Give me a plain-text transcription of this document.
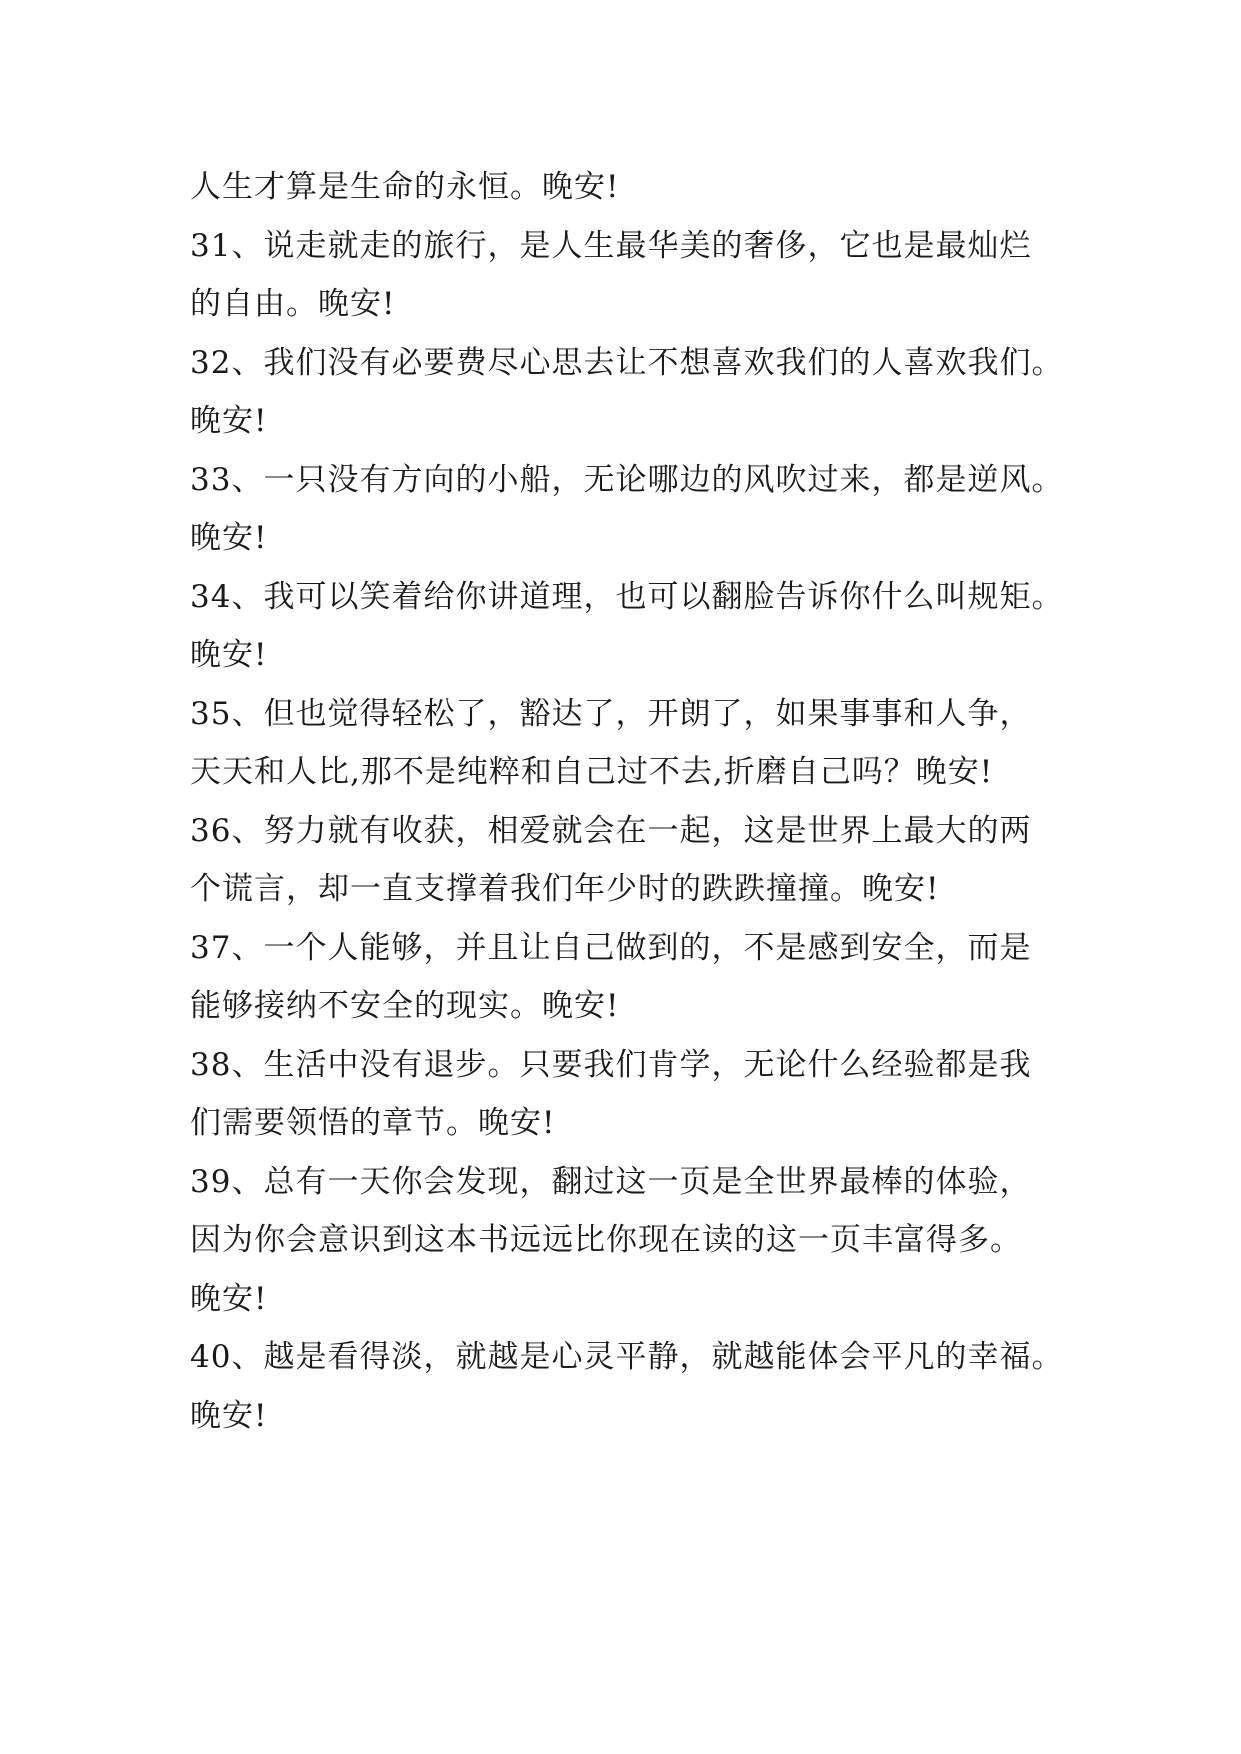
人生才算是生命的永恒。晚安!
31、说走就走的旅行，是人生最华美的奢侈，它也是最灿烂
的自由。晚安!
32、我们没有必要费尽心思去让不想喜欢我们的人喜欢我们。
晚安!
33、一只没有方向的小船，无论哪边的风吹过来，都是逆风。
晚安!
34、我可以笑着给你讲道理，也可以翻脸告诉你什么叫规矩。
晚安!
35、但也觉得轻松了，豁达了，开朗了，如果事事和人争，
天天和人比,那不是纯粹和自己过不去,折磨自己吗？晚安!
36、努力就有收获，相爱就会在一起，这是世界上最大的两
个谎言，却一直支撑着我们年少时的跌跌撞撞。晚安!
37、一个人能够，并且让自己做到的，不是感到安全，而是
能够接纳不安全的现实。晚安!
38、生活中没有退步。只要我们肯学，无论什么经验都是我
们需要领悟的章节。晚安!
39、总有一天你会发现，翻过这一页是全世界最棒的体验，
因为你会意识到这本书远远比你现在读的这一页丰富得多。
晚安!
40、越是看得淡，就越是心灵平静，就越能体会平凡的幸福。
晚安!
